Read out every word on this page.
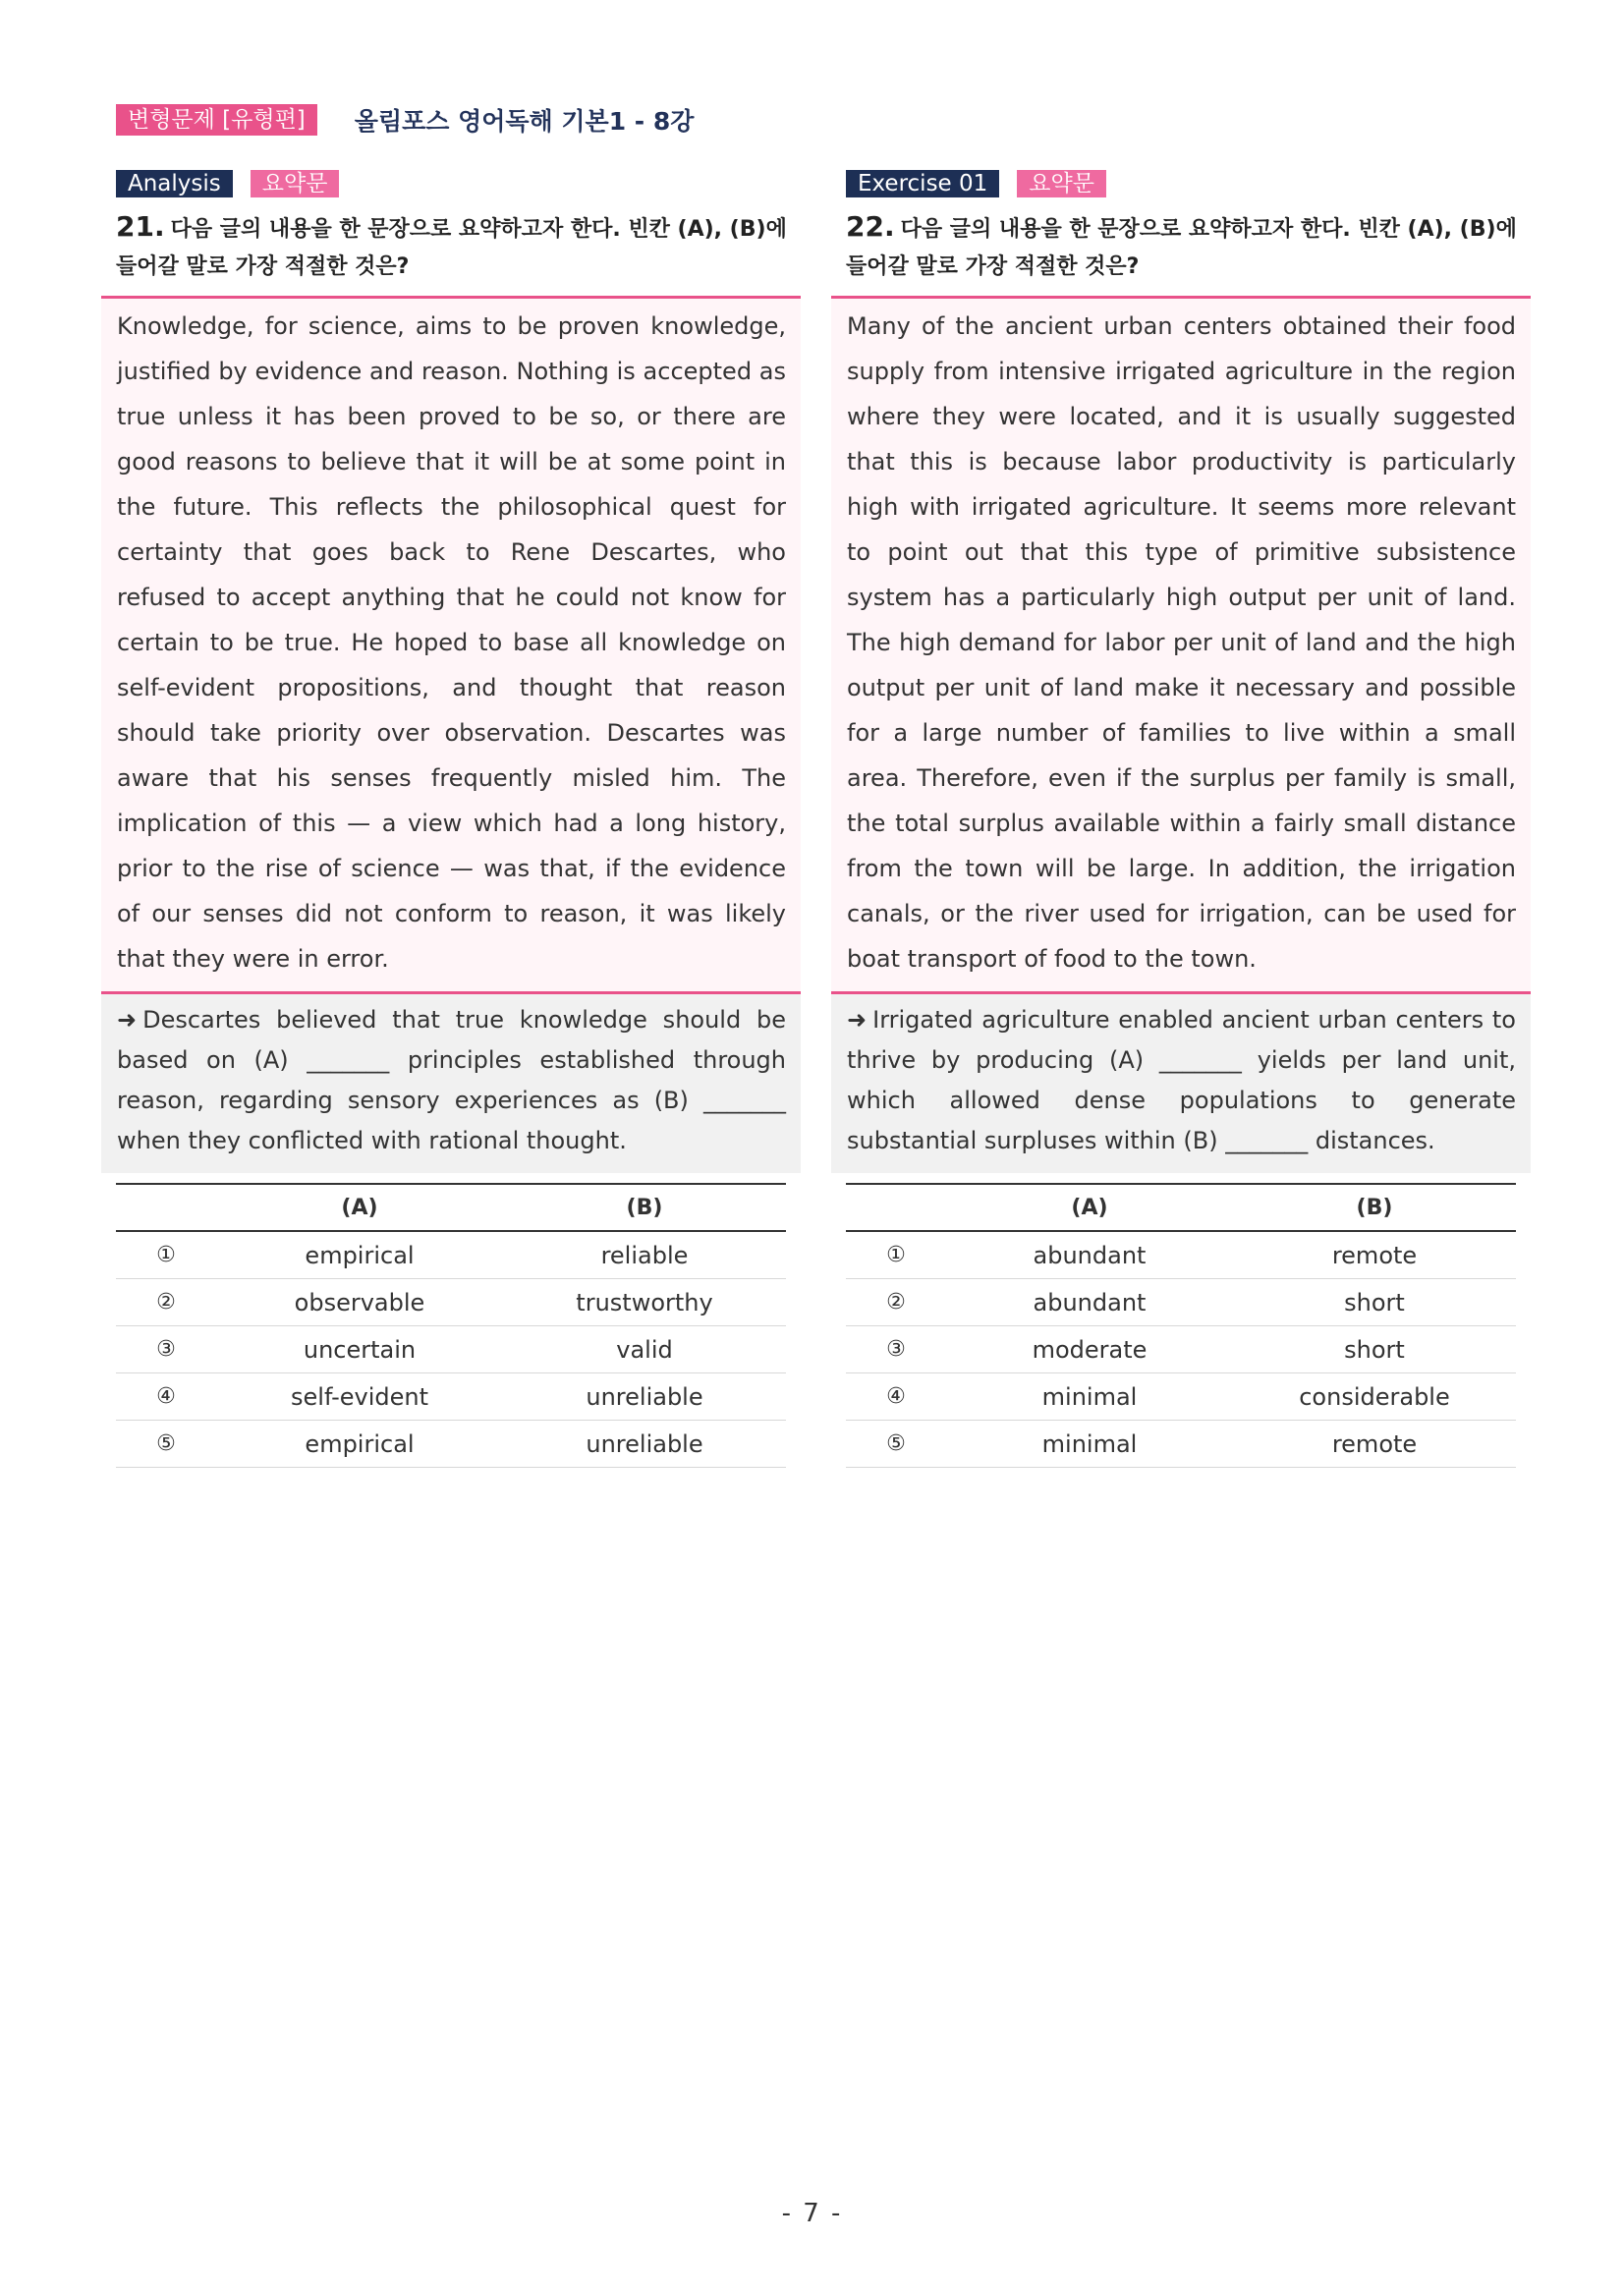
변형문제 [유형편]	올림포스 영어독해 기본1 - 8강
Analysis	요약문
21. 다음 글의 내용을 한 문장으로 요약하고자 한다. 빈칸 (A), (B)에 들어갈 말로 가장 적절한 것은?
Knowledge, for science, aims to be proven knowledge, justified by evidence and reason. Nothing is accepted as true unless it has been proved to be so, or there are good reasons to believe that it will be at some point in the future. This reflects the philosophical quest for certainty that goes back to Rene Descartes, who refused to accept anything that he could not know for certain to be true. He hoped to base all knowledge on self-evident propositions, and thought that reason should take priority over observation. Descartes was aware that his senses frequently misled him. The implication of this — a view which had a long history, prior to the rise of science — was that, if the evidence of our senses did not conform to reason, it was likely that they were in error.
➜ Descartes believed that true knowledge should be based on (A) _______ principles established through reason, regarding sensory experiences as (B) _______ when they conflicted with rational thought.
	(A)	(B)
①	empirical	reliable
②	observable	trustworthy
③	uncertain	valid
④	self-evident	unreliable
⑤	empirical	unreliable
Exercise 01	요약문
22. 다음 글의 내용을 한 문장으로 요약하고자 한다. 빈칸 (A), (B)에 들어갈 말로 가장 적절한 것은?
Many of the ancient urban centers obtained their food supply from intensive irrigated agriculture in the region where they were located, and it is usually suggested that this is because labor productivity is particularly high with irrigated agriculture. It seems more relevant to point out that this type of primitive subsistence system has a particularly high output per unit of land. The high demand for labor per unit of land and the high output per unit of land make it necessary and possible for a large number of families to live within a small area. Therefore, even if the surplus per family is small, the total surplus available within a fairly small distance from the town will be large. In addition, the irrigation canals, or the river used for irrigation, can be used for boat transport of food to the town.
➜ Irrigated agriculture enabled ancient urban centers to thrive by producing (A) _______ yields per land unit, which allowed dense populations to generate substantial surpluses within (B) _______ distances.
	(A)	(B)
①	abundant	remote
②	abundant	short
③	moderate	short
④	minimal	considerable
⑤	minimal	remote
- 7 -
